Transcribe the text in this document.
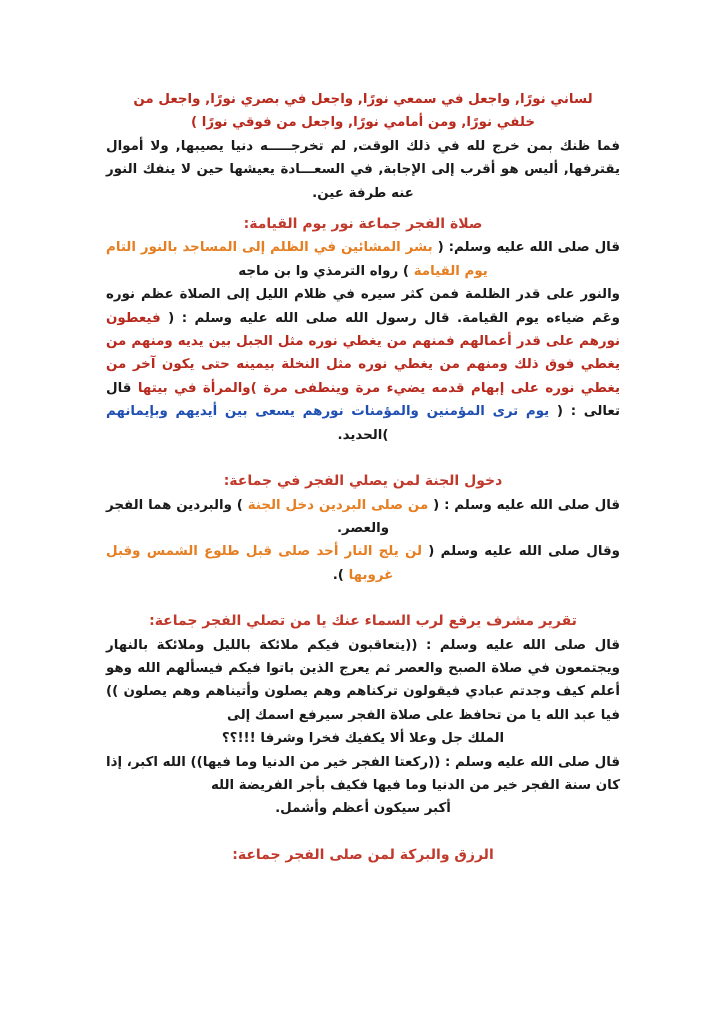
لساني نورًا, واجعل في سمعي نورًا, واجعل في بصري نورًا, واجعل من

خلفي نورًا, ومن أمامي نورًا, واجعل من فوقي نورًا )

فما ظنك بمن خرج لله في ذلك الوقت, لم تخرجـــــه دنيا يصيبها, ولا أموال يقترفها, أليس هو أقرب إلى الإجابة, في السعـــادة يعيشها حين لا ينفك النور عنه طرفة عين.

صلاة الفجر جماعة نور يوم القيامة:

قال صلى الله عليه وسلم: ( بشر المشائين في الظلم إلى المساجد بالنور التام يوم القيامة ) رواه الترمذي وا بن ماجه

والنور على قدر الظلمة فمن كثر سيره في ظلام الليل إلى الصلاة عظم نوره وعَم ضياءه يوم القيامة. قال رسول الله صلى الله عليه وسلم : ( فيعطون نورهم على قدر أعمالهم فمنهم من يغطي نوره مثل الجبل بين يديه ومنهم من يغطي فوق ذلك ومنهم من يغطي نوره مثل النخلة بيمينه حتى يكون آخر من يغطي نوره على إبهام قدمه يضيء مرة وينطفى مرة )والمرأة في بيتها قال تعالى : ( يوم ترى المؤمنين والمؤمنات نورهم يسعى بين أيديهم وبإيمانهم )الحديد.

دخول الجنة لمن يصلي الفجر في جماعة:

قال صلى الله عليه وسلم : ( من صلى البردين دخل الجنة ) والبردين هما الفجر والعصر.

وقال صلى الله عليه وسلم ( لن يلج النار أحد صلى قبل طلوع الشمس وقبل غروبها ).

تقرير مشرف يرفع لرب السماء عنك يا من تصلي الفجر جماعة:

قال صلى الله عليه وسلم : ((يتعاقبون فيكم ملائكة بالليل وملائكة بالنهار ويجتمعون في صلاة الصبح والعصر ثم يعرج الذين باتوا فيكم فيسألهم الله وهو أعلم كيف وجدتم عبادي فيقولون تركناهم وهم يصلون وأتيناهم وهم يصلون )) فيا عبد الله يا من تحافظ على صلاة الفجر سيرفع اسمك إلى

الملك جل وعلا ألا يكفيك فخرا وشرفا !!!؟؟

قال صلى الله عليه وسلم : ((ركعتا الفجر خير من الدنيا وما فيها)) الله اكبر، إذا كان سنة الفجر خير من الدنيا وما فيها فكيف بأجر الفريضة الله

أكبر سيكون أعظم وأشمل.

الرزق والبركة لمن صلى الفجر جماعة:
